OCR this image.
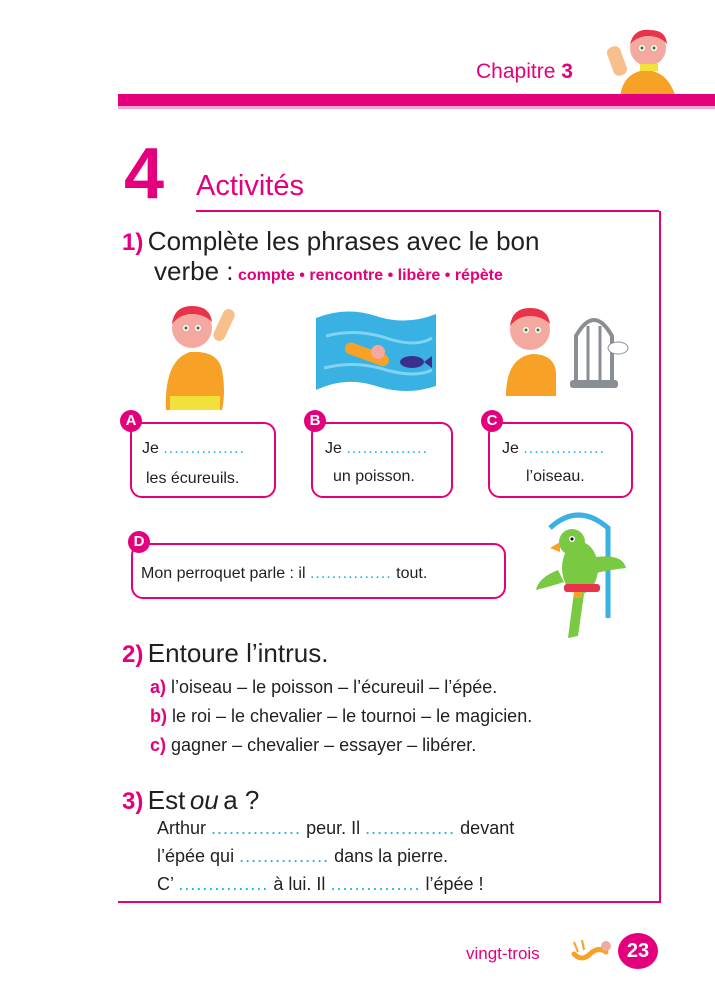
Chapitre 3
4 Activités
1) Complète les phrases avec le bon
verbe : compte • rencontre • libère • répète
Je ...............
les écureuils.
A
Je ...............
un poisson.
B
Je ...............
l’oiseau.
C
Mon perroquet parle : il ............... tout.
D
2) Entoure l’intrus.
a) l’oiseau – le poisson – l’écureuil – l’épée.
b) le roi – le chevalier – le tournoi – le magicien.
c) gagner – chevalier – essayer – libérer.
3) Est ou a ?
Arthur ............... peur. Il ............... devant
l’épée qui ............... dans la pierre.
C’ ............... à lui. Il ............... l’épée !
vingt-trois	23
